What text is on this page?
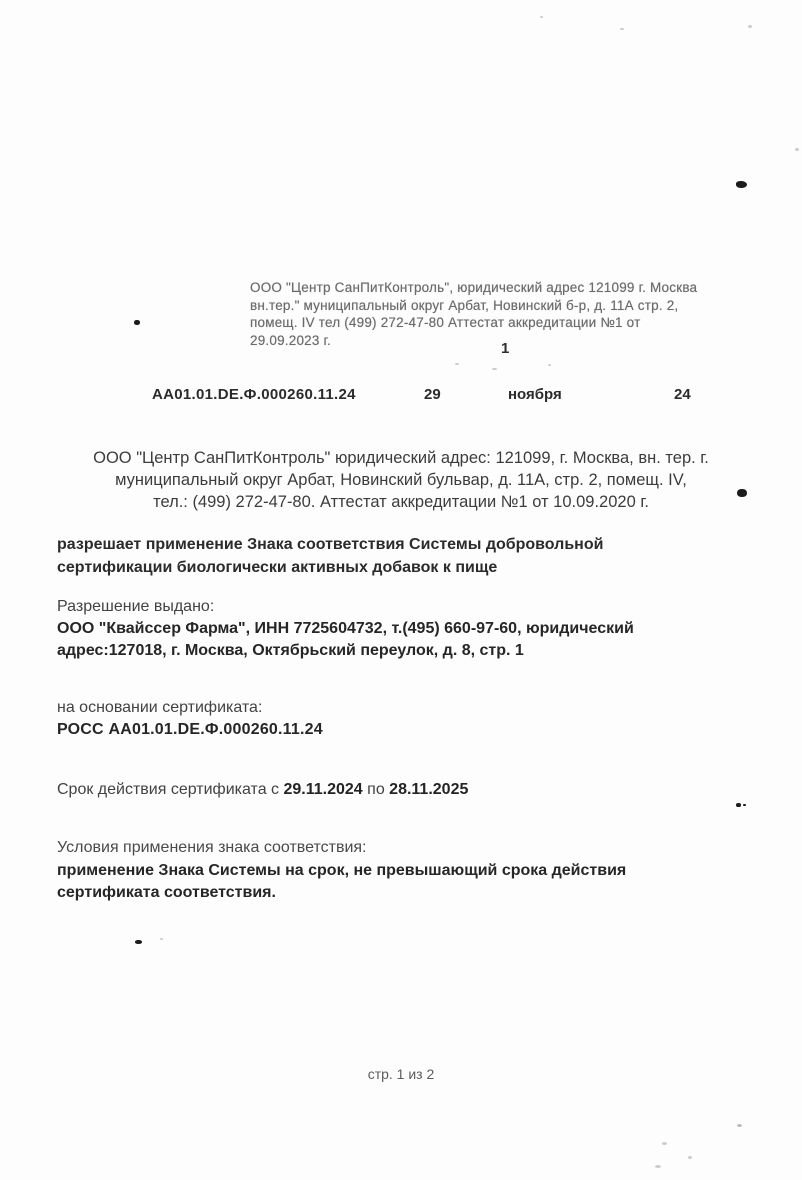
ООО "Центр СанПитКонтроль", юридический адрес 121099 г. Москва
вн.тер." муниципальный округ Арбат, Новинский б-р, д. 11А стр. 2,
помещ. IV тел (499) 272-47-80 Аттестат аккредитации №1 от
29.09.2023 г.	1
АА01.01.DE.Ф.000260.11.24	29	ноября	24
ООО "Центр СанПитКонтроль" юридический адрес: 121099, г. Москва, вн. тер. г.
муниципальный округ Арбат, Новинский бульвар, д. 11А, стр. 2, помещ. IV,
тел.: (499) 272-47-80. Аттестат аккредитации №1 от 10.09.2020 г.
разрешает применение Знака соответствия Системы добровольной
сертификации биологически активных добавок к пище
Разрешение выдано:
ООО "Квайссер Фарма", ИНН 7725604732, т.(495) 660-97-60, юридический
адрес:127018, г. Москва, Октябрьский переулок, д. 8, стр. 1
на основании сертификата:
РОСС АА01.01.DE.Ф.000260.11.24
Срок действия сертификата с 29.11.2024 по 28.11.2025
Условия применения знака соответствия:
применение Знака Системы на срок, не превышающий срока действия
сертификата соответствия.
стр. 1 из 2
